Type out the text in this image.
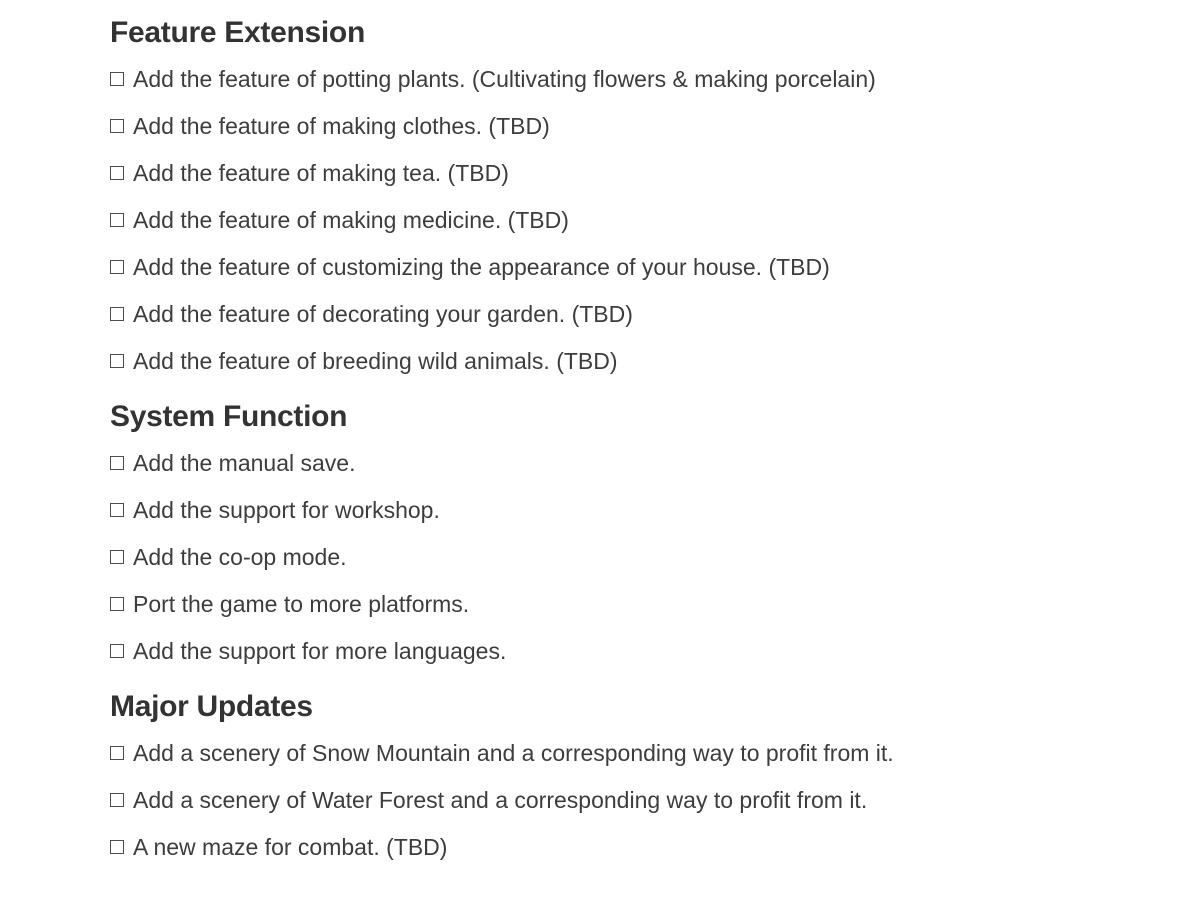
Feature Extension
Add the feature of potting plants. (Cultivating flowers & making porcelain)
Add the feature of making clothes. (TBD)
Add the feature of making tea. (TBD)
Add the feature of making medicine. (TBD)
Add the feature of customizing the appearance of your house. (TBD)
Add the feature of decorating your garden. (TBD)
Add the feature of breeding wild animals. (TBD)
System Function
Add the manual save.
Add the support for workshop.
Add the co-op mode.
Port the game to more platforms.
Add the support for more languages.
Major Updates
Add a scenery of Snow Mountain and a corresponding way to profit from it.
Add a scenery of Water Forest and a corresponding way to profit from it.
A new maze for combat. (TBD)
